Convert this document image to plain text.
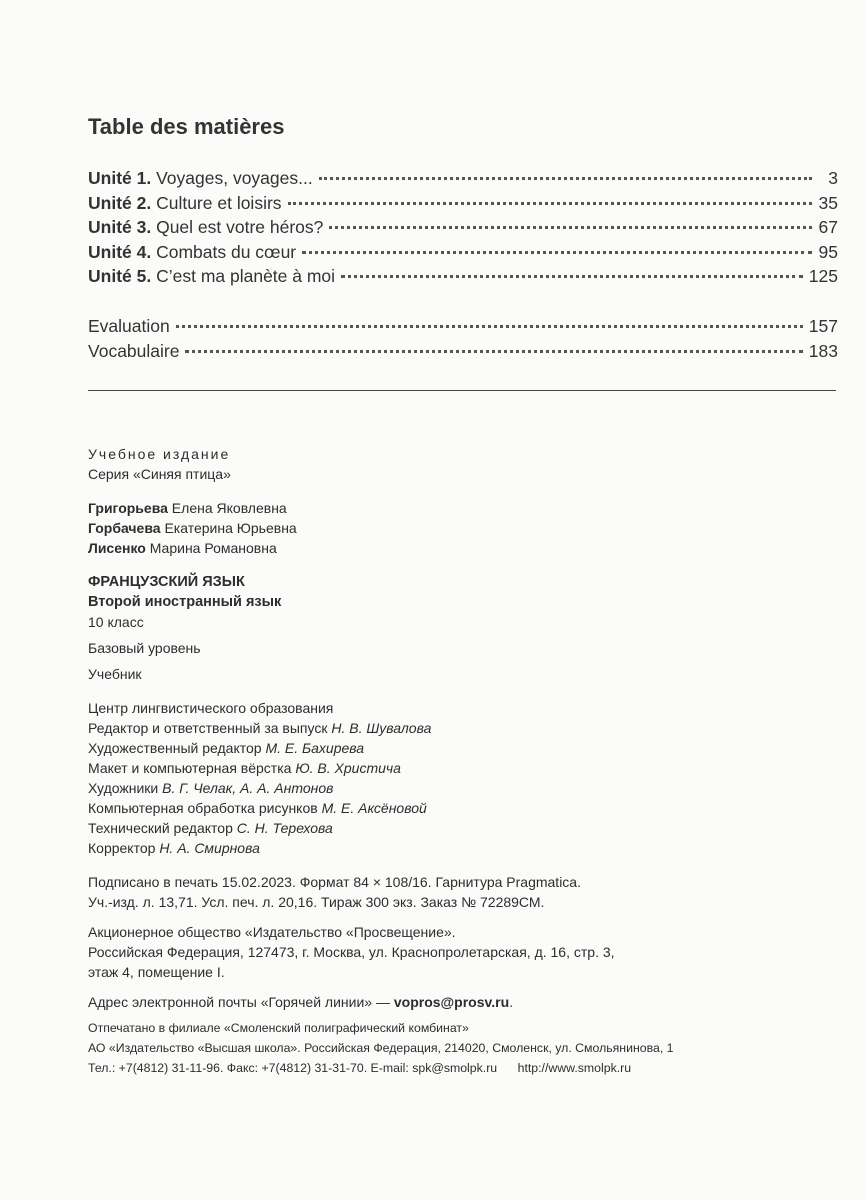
Table des matières
Unité 1. Voyages, voyages...	3
Unité 2. Culture et loisirs	35
Unité 3. Quel est votre héros?	67
Unité 4. Combats du cœur	95
Unité 5. C’est ma planète à moi	125
Evaluation	157
Vocabulaire	183
Учебное издание
Серия «Синяя птица»
Григорьева Елена Яковлевна
Горбачева Екатерина Юрьевна
Лисенко Марина Романовна
ФРАНЦУЗСКИЙ ЯЗЫК
Второй иностранный язык
10 класс
Базовый уровень
Учебник
Центр лингвистического образования
Редактор и ответственный за выпуск Н. В. Шувалова
Художественный редактор М. Е. Бахирева
Макет и компьютерная вёрстка Ю. В. Христича
Художники В. Г. Челак, А. А. Антонов
Компьютерная обработка рисунков М. Е. Аксёновой
Технический редактор С. Н. Терехова
Корректор Н. А. Смирнова
Подписано в печать 15.02.2023. Формат 84 × 108/16. Гарнитура Pragmatica.
Уч.-изд. л. 13,71. Усл. печ. л. 20,16. Тираж 300 экз. Заказ № 72289СМ.
Акционерное общество «Издательство «Просвещение».
Российская Федерация, 127473, г. Москва, ул. Краснопролетарская, д. 16, стр. 3,
этаж 4, помещение I.
Адрес электронной почты «Горячей линии» — vopros@prosv.ru.
Отпечатано в филиале «Смоленский полиграфический комбинат»
АО «Издательство «Высшая школа». Российская Федерация, 214020, Смоленск, ул. Смольянинова, 1
Тел.: +7(4812) 31-11-96. Факс: +7(4812) 31-31-70. E-mail: spk@smolpk.ru      http://www.smolpk.ru
